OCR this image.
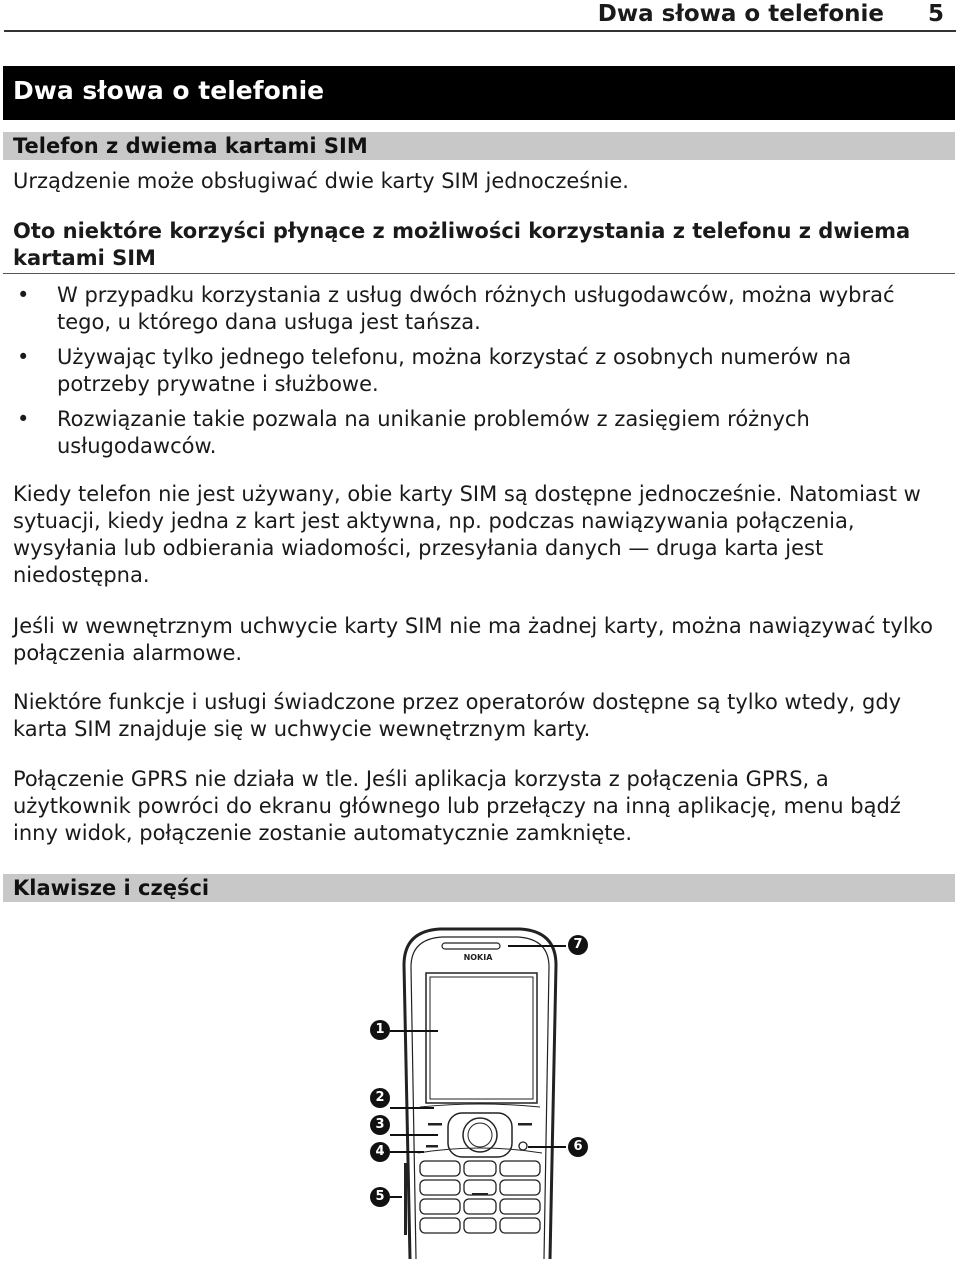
Dwa słowa o telefonie 5
Dwa słowa o telefonie
Telefon z dwiema kartami SIM

Urządzenie może obsługiwać dwie karty SIM jednocześnie.

Oto niektóre korzyści płynące z możliwości korzystania z telefonu z dwiema kartami SIM

• W przypadku korzystania z usług dwóch różnych usługodawców, można wybrać tego, u którego dana usługa jest tańsza.
• Używając tylko jednego telefonu, można korzystać z osobnych numerów na potrzeby prywatne i służbowe.
• Rozwiązanie takie pozwala na unikanie problemów z zasięgiem różnych usługodawców.

Kiedy telefon nie jest używany, obie karty SIM są dostępne jednocześnie. Natomiast w sytuacji, kiedy jedna z kart jest aktywna, np. podczas nawiązywania połączenia, wysyłania lub odbierania wiadomości, przesyłania danych — druga karta jest niedostępna.

Jeśli w wewnętrznym uchwycie karty SIM nie ma żadnej karty, można nawiązywać tylko połączenia alarmowe.

Niektóre funkcje i usługi świadczone przez operatorów dostępne są tylko wtedy, gdy karta SIM znajduje się w uchwycie wewnętrznym karty.

Połączenie GPRS nie działa w tle. Jeśli aplikacja korzysta z połączenia GPRS, a użytkownik powróci do ekranu głównego lub przełączy na inną aplikację, menu bądź inny widok, połączenie zostanie automatycznie zamknięte.

Klawisze i części
NOKIA
1
2
3
4
5
6
7
